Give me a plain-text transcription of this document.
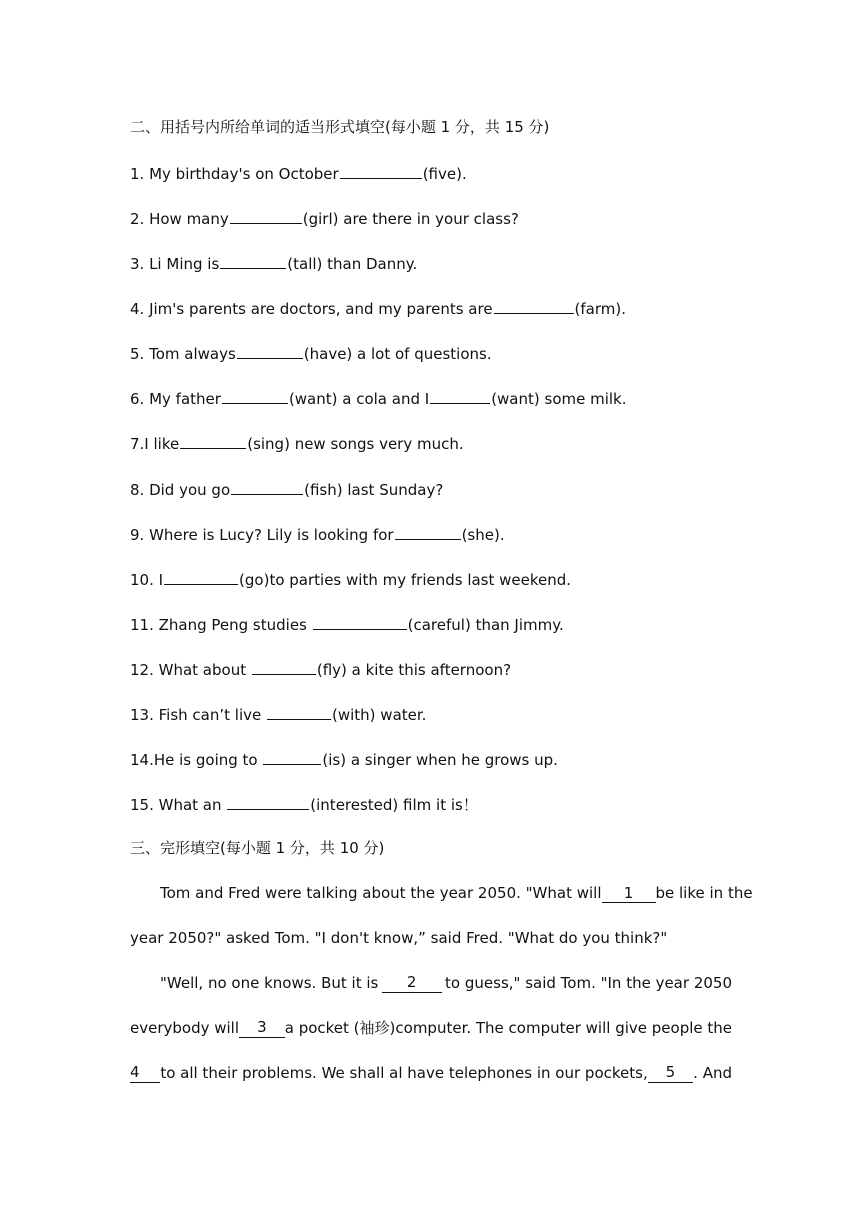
二、用括号内所给单词的适当形式填空(每小题 1 分，共 15 分)
1. My birthday's on October	(five).
2. How many	(girl) are there in your class?
3. Li Ming is	(tall) than Danny.
4. Jim's parents are doctors, and my parents are	(farm).
5. Tom always	(have) a lot of questions.
6. My father	(want) a cola and I	(want) some milk.
7.I like	(sing) new songs very much.
8. Did you go	(fish) last Sunday?
9. Where is Lucy? Lily is looking for	(she).
10. I	(go)to parties with my friends last weekend.
11. Zhang Peng studies	(careful) than Jimmy.
12. What about	(fly) a kite this afternoon?
13. Fish can’t live	(with) water.
14.He is going to	(is) a singer when he grows up.
15. What an	(interested) film it is！
三、完形填空(每小题 1 分，共 10 分)
Tom and Fred were talking about the year 2050. "What will 1 be like in the
year 2050?" asked Tom. "I don't know,” said Fred. "What do you think?"
"Well, no one knows. But it is	2	to guess," said Tom. "In the year 2050
everybody will	3	a pocket (袖珍)computer. The computer will give people the
4	to all their problems. We shall al have telephones in our pockets,	5	. And
